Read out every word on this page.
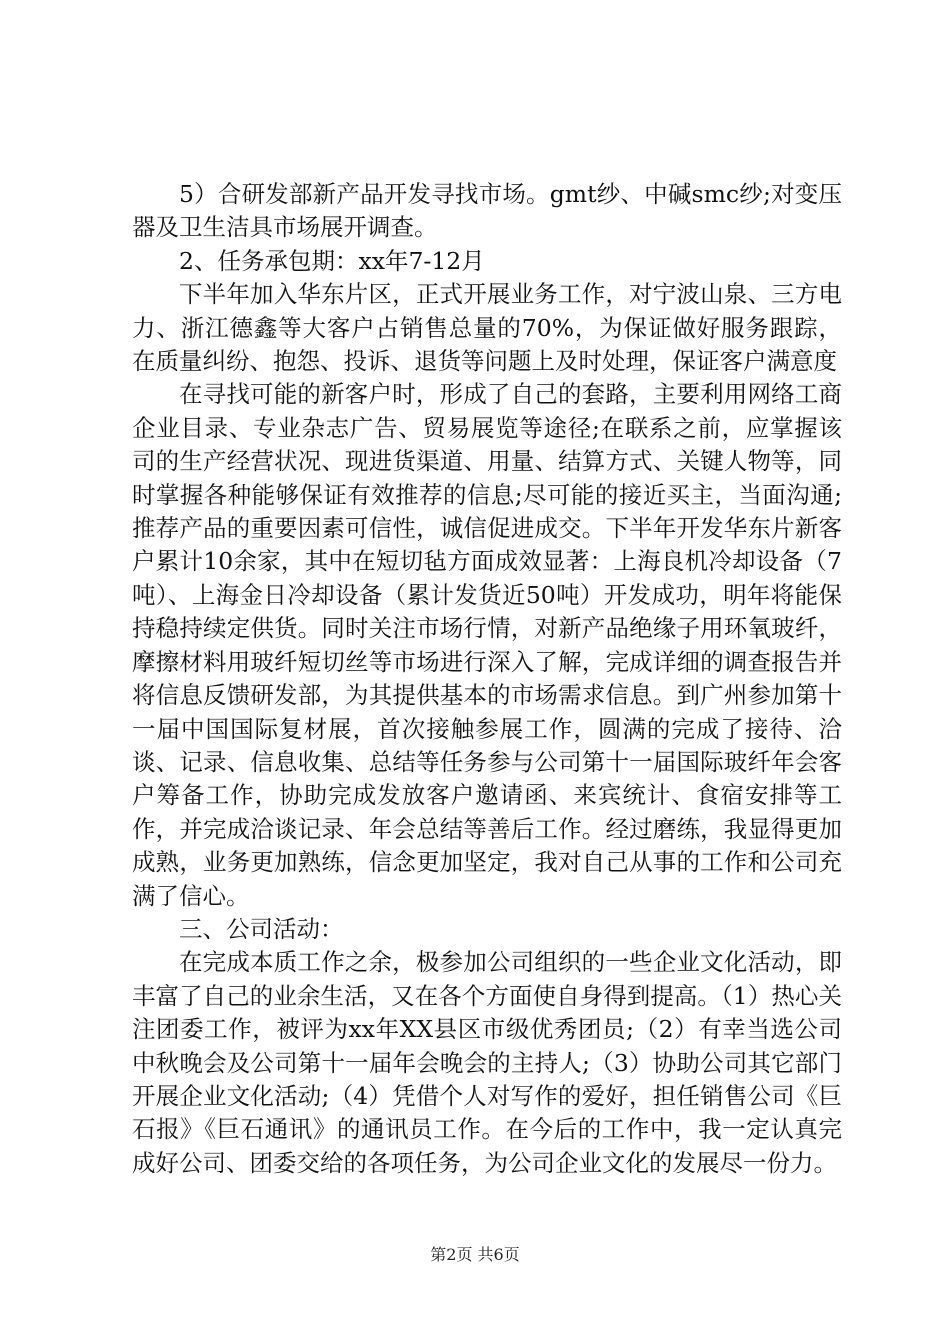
5）合研发部新产品开发寻找市场。gmt纱、中碱smc纱;对变压器及卫生洁具市场展开调查。

2、任务承包期：xx年7-12月

下半年加入华东片区，正式开展业务工作，对宁波山泉、三方电力、浙江德鑫等大客户占销售总量的70%，为保证做好服务跟踪，在质量纠纷、抱怨、投诉、退货等问题上及时处理，保证客户满意度

在寻找可能的新客户时，形成了自己的套路，主要利用网络工商企业目录、专业杂志广告、贸易展览等途径;在联系之前，应掌握该司的生产经营状况、现进货渠道、用量、结算方式、关键人物等，同时掌握各种能够保证有效推荐的信息;尽可能的接近买主，当面沟通;推荐产品的重要因素可信性，诚信促进成交。下半年开发华东片新客户累计10余家，其中在短切毡方面成效显著：上海良机冷却设备（7吨）、上海金日冷却设备（累计发货近50吨）开发成功，明年将能保持稳持续定供货。同时关注市场行情，对新产品绝缘子用环氧玻纤，摩擦材料用玻纤短切丝等市场进行深入了解，完成详细的调查报告并将信息反馈研发部，为其提供基本的市场需求信息。到广州参加第十一届中国国际复材展，首次接触参展工作，圆满的完成了接待、洽谈、记录、信息收集、总结等任务参与公司第十一届国际玻纤年会客户筹备工作，协助完成发放客户邀请函、来宾统计、食宿安排等工作，并完成洽谈记录、年会总结等善后工作。经过磨练，我显得更加成熟，业务更加熟练，信念更加坚定，我对自己从事的工作和公司充满了信心。

三、公司活动：

在完成本质工作之余，极参加公司组织的一些企业文化活动，即丰富了自己的业余生活，又在各个方面使自身得到提高。（1）热心关注团委工作，被评为xx年XX县区市级优秀团员;（2）有幸当选公司中秋晚会及公司第十一届年会晚会的主持人;（3）协助公司其它部门开展企业文化活动;（4）凭借个人对写作的爱好，担任销售公司《巨石报》《巨石通讯》的通讯员工作。在今后的工作中，我一定认真完成好公司、团委交给的各项任务，为公司企业文化的发展尽一份力。

第2页 共6页
